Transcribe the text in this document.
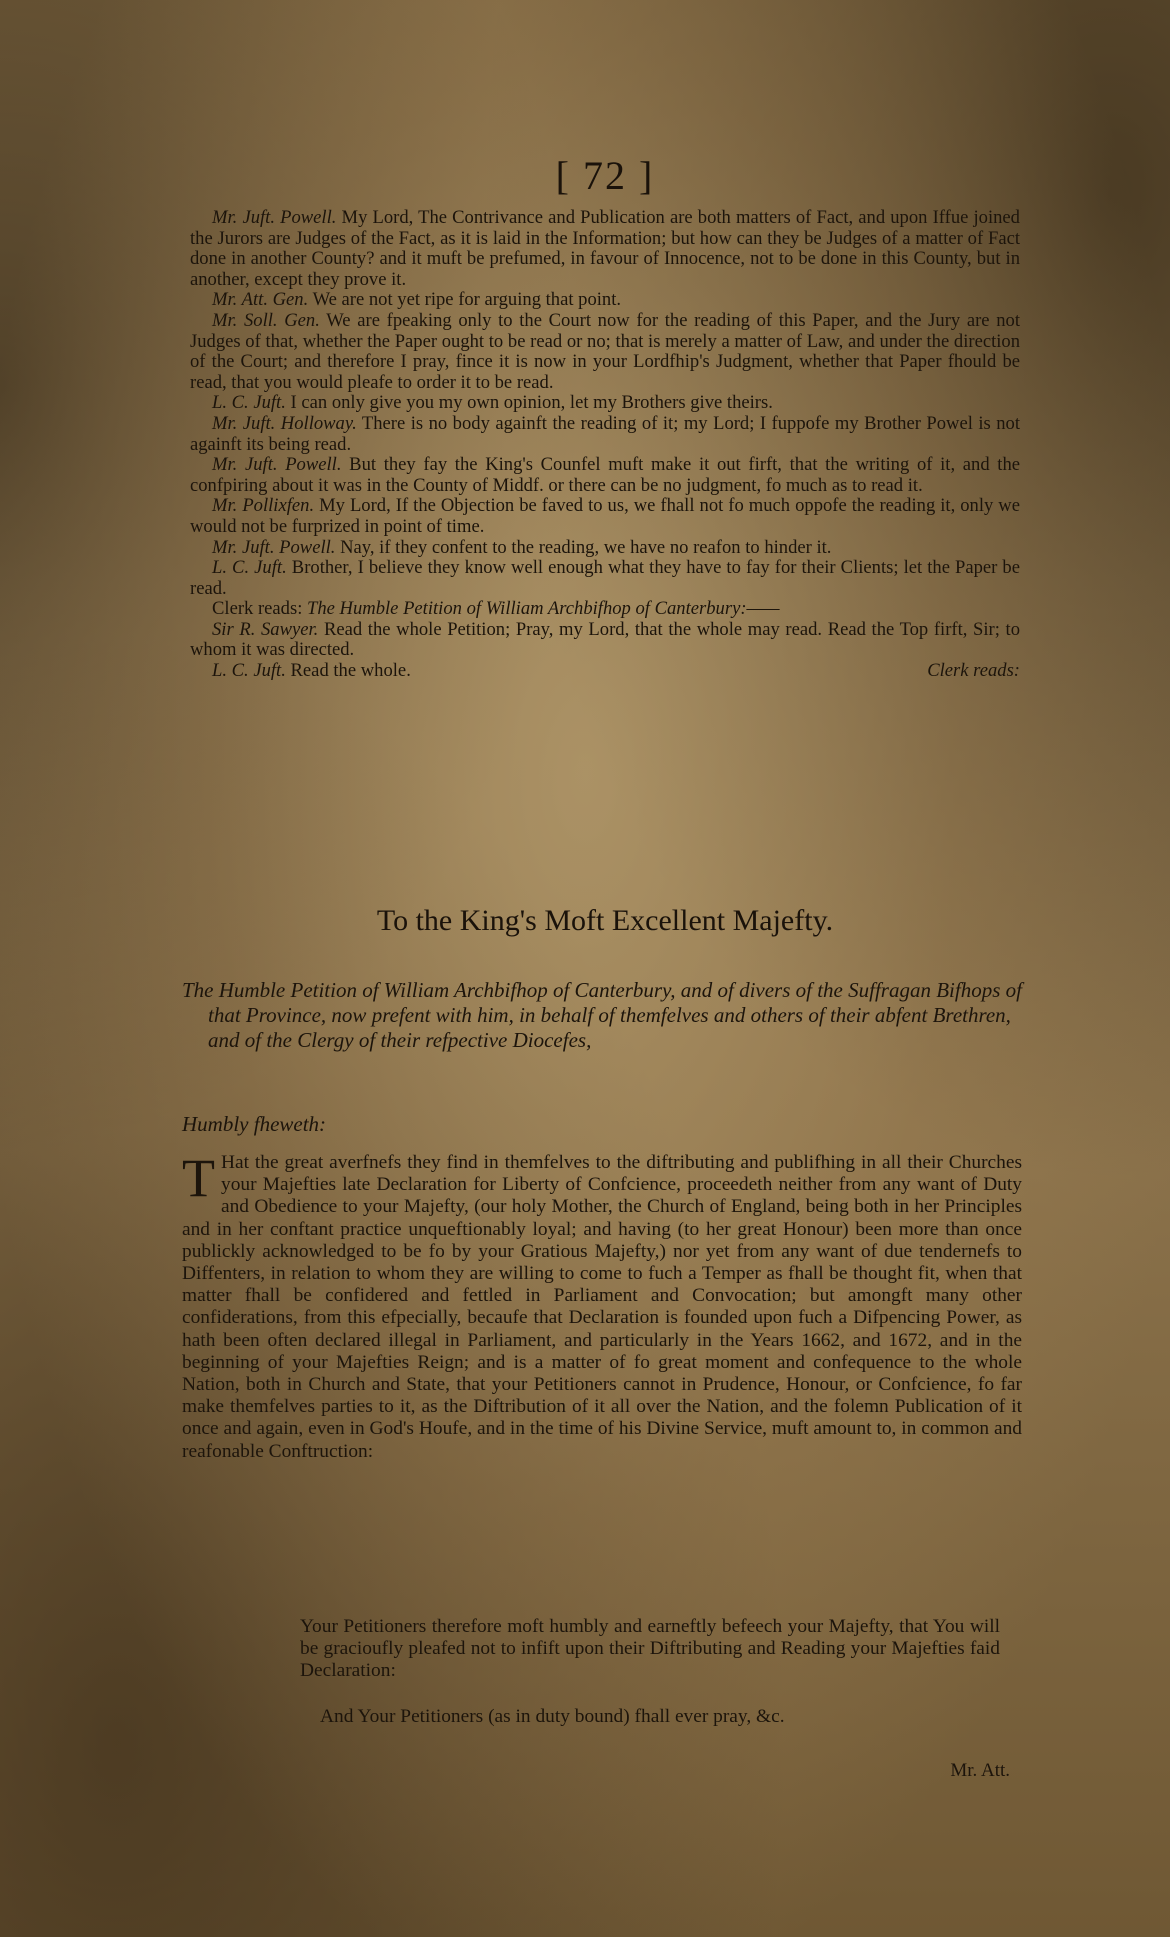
[ 72 ]

Mr. Juft. Powell. My Lord, The Contrivance and Publication are both matters of Fact, and upon Iffue joined the Jurors are Judges of the Fact, as it is laid in the Information; but how can they be Judges of a matter of Fact done in another County? and it muft be prefumed, in favour of Innocence, not to be done in this County, but in another, except they prove it.

Mr. Att. Gen. We are not yet ripe for arguing that point.

Mr. Soll. Gen. We are fpeaking only to the Court now for the reading of this Paper, and the Jury are not Judges of that, whether the Paper ought to be read or no; that is merely a matter of Law, and under the direction of the Court; and therefore I pray, fince it is now in your Lordfhip's Judgment, whether that Paper fhould be read, that you would pleafe to order it to be read.

L. C. Juft. I can only give you my own opinion, let my Brothers give theirs.

Mr. Juft. Holloway. There is no body againft the reading of it; my Lord; I fuppofe my Brother Powel is not againft its being read.

Mr. Juft. Powell. But they fay the King's Counfel muft make it out firft, that the writing of it, and the confpiring about it was in the County of Middf. or there can be no judgment, fo much as to read it.

Mr. Pollixfen. My Lord, If the Objection be faved to us, we fhall not fo much oppofe the reading it, only we would not be furprized in point of time.

Mr. Juft. Powell. Nay, if they confent to the reading, we have no reafon to hinder it.

L. C. Juft. Brother, I believe they know well enough what they have to fay for their Clients; let the Paper be read.

Clerk reads: The Humble Petition of William Archbifhop of Canterbury:——

Sir R. Sawyer. Read the whole Petition; Pray, my Lord, that the whole may read. Read the Top firft, Sir; to whom it was directed.

L. C. Juft. Read the whole.	Clerk reads:

To the King's Moft Excellent Majefty.

The Humble Petition of William Archbifhop of Canterbury, and of divers of the Suffragan Bifhops of that Province, now prefent with him, in behalf of themfelves and others of their abfent Brethren, and of the Clergy of their refpective Diocefes,

Humbly fheweth:
T Hat the great averfnefs they find in themfelves to the diftributing and publifhing in all their Churches your Majefties late Declaration for Liberty of Confcience, proceedeth neither from any want of Duty and Obedience to your Majefty, (our holy Mother, the Church of England, being both in her Principles and in her conftant practice unqueftionably loyal; and having (to her great Honour) been more than once publickly acknowledged to be fo by your Gratious Majefty,) nor yet from any want of due tendernefs to Diffenters, in relation to whom they are willing to come to fuch a Temper as fhall be thought fit, when that matter fhall be confidered and fettled in Parliament and Convocation; but amongft many other confiderations, from this efpecially, becaufe that Declaration is founded upon fuch a Difpencing Power, as hath been often declared illegal in Parliament, and particularly in the Years 1662, and 1672, and in the beginning of your Majefties Reign; and is a matter of fo great moment and confequence to the whole Nation, both in Church and State, that your Petitioners cannot in Prudence, Honour, or Confcience, fo far make themfelves parties to it, as the Diftribution of it all over the Nation, and the folemn Publication of it once and again, even in God's Houfe, and in the time of his Divine Service, muft amount to, in common and reafonable Conftruction:
Your Petitioners therefore moft humbly and earneftly befeech your Majefty, that You will be gracioufly pleafed not to infift upon their Diftributing and Reading your Majefties faid Declaration:
And Your Petitioners (as in duty bound) fhall ever pray, &c.
Mr. Att.
